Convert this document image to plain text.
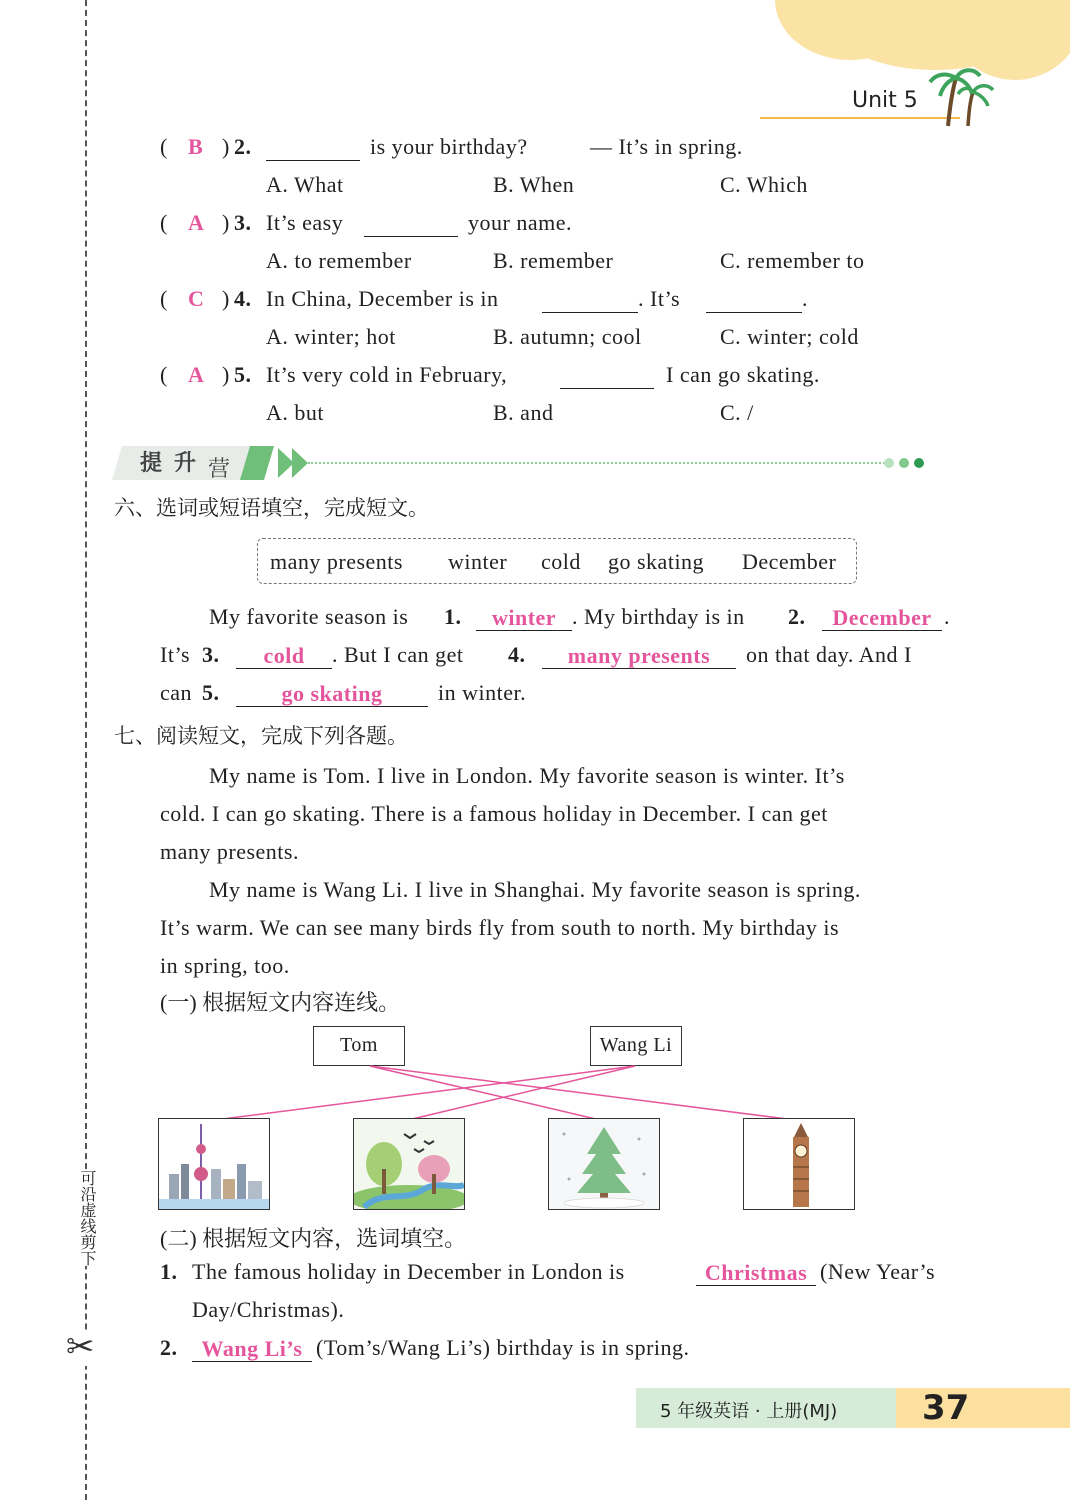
Unit 5
可沿虚线剪下
✂
( B ) 2.	is your birthday?	— It’s in spring.
A. What	B. When	C. Which
( A ) 3. It’s easy	your name.
A. to remember	B. remember	C. remember to
( C ) 4. In China, December is in	. It’s	.
A. winter; hot	B. autumn; cool	C. winter; cold
( A ) 5. It’s very cold in February,	I can go skating.
A. but	B. and	C. /
提 升 营
六、选词或短语填空，完成短文。
many presents winter cold go skating December
My favorite season is 1.	winter . My birthday is in 2.	December .
It’s 3.	cold	. But I can get 4.	many presents	on that day. And I
can 5.	go skating	in winter.
七、阅读短文，完成下列各题。

My name is Tom. I live in London. My favorite season is winter. It’s

cold. I can go skating. There is a famous holiday in December. I can get

many presents.

My name is Wang Li. I live in Shanghai. My favorite season is spring.

It’s warm. We can see many birds fly from south to north. My birthday is

in spring, too.

(一) 根据短文内容连线。
Tom	Wang Li
(二) 根据短文内容，选词填空。
1. The famous holiday in December in London is	Christmas (New Year’s
Day/Christmas).
2.	Wang Li’s (Tom’s/Wang Li’s) birthday is in spring.
5 年级英语 · 上册(MJ) 37
